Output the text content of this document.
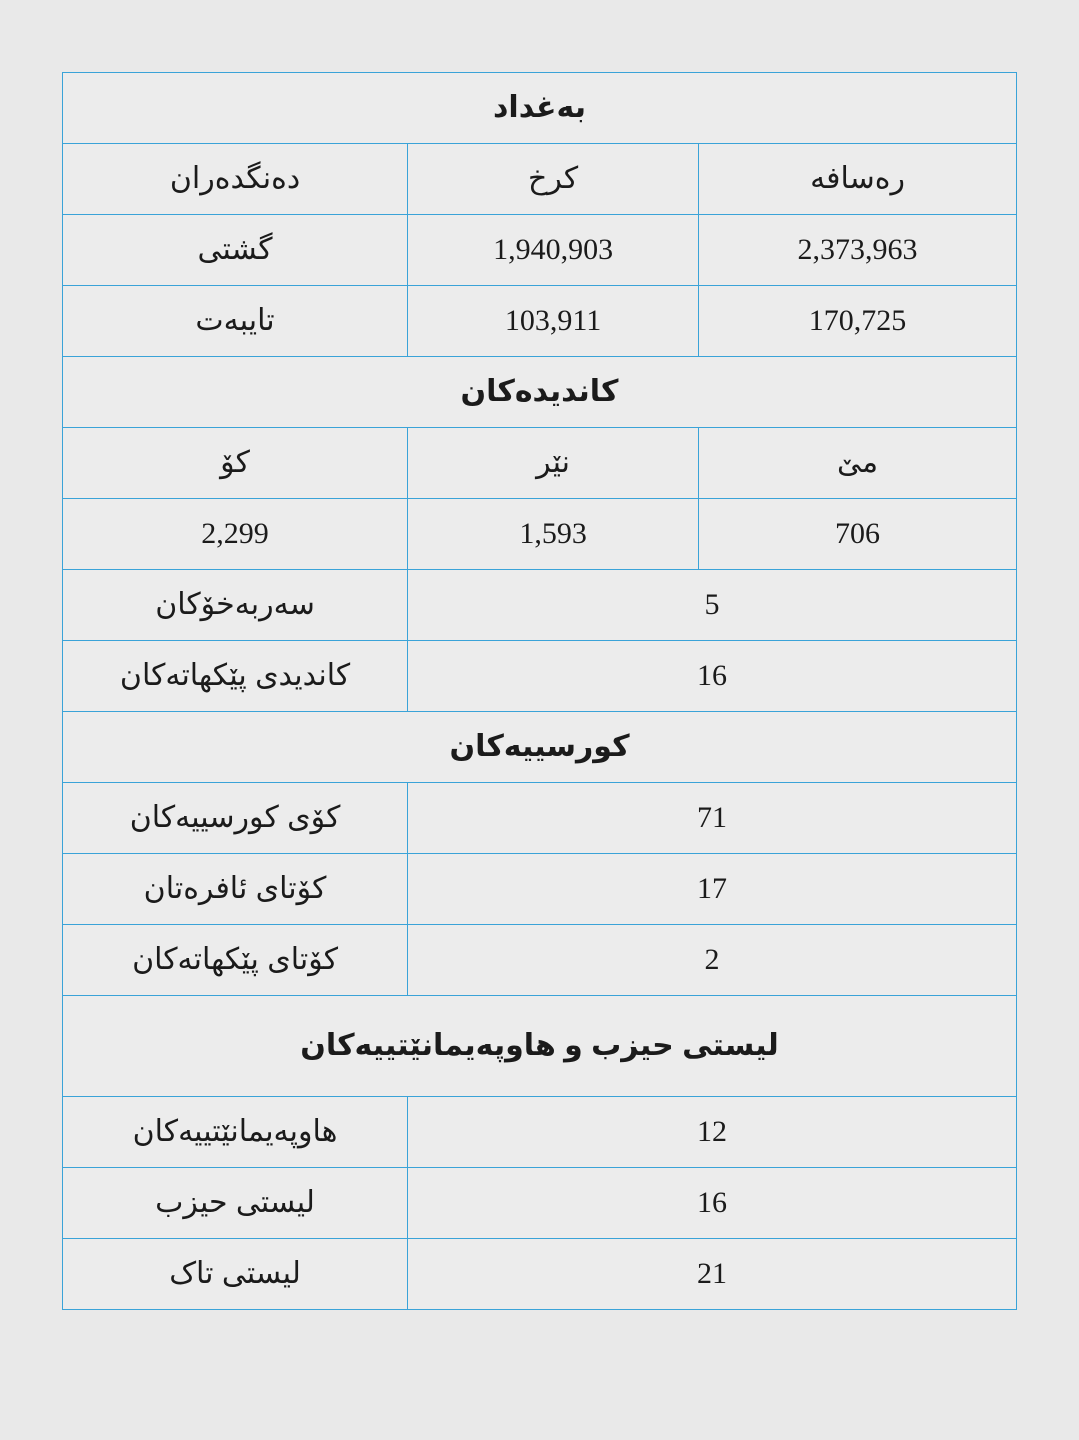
به‌غداد		
ره‌سافه	کرخ	ده‌نگده‌ران
2,373,963	1,940,903	گشتی
170,725	103,911	تایبه‌ت
کاندیده‌کان		
مێ	نێر	کۆ
706	1,593	2,299
5		سه‌ربه‌خۆکان
16		کاندیدی پێکهاته‌کان
کورسییه‌کان		
71		کۆی کورسییه‌کان
17		کۆتای ئافره‌تان
2		کۆتای پێکهاته‌کان
لیستی حیزب و هاوپه‌یمانێتییه‌کان		
12		هاوپه‌یمانێتییه‌کان
16		لیستی حیزب
21		لیستی تاک
